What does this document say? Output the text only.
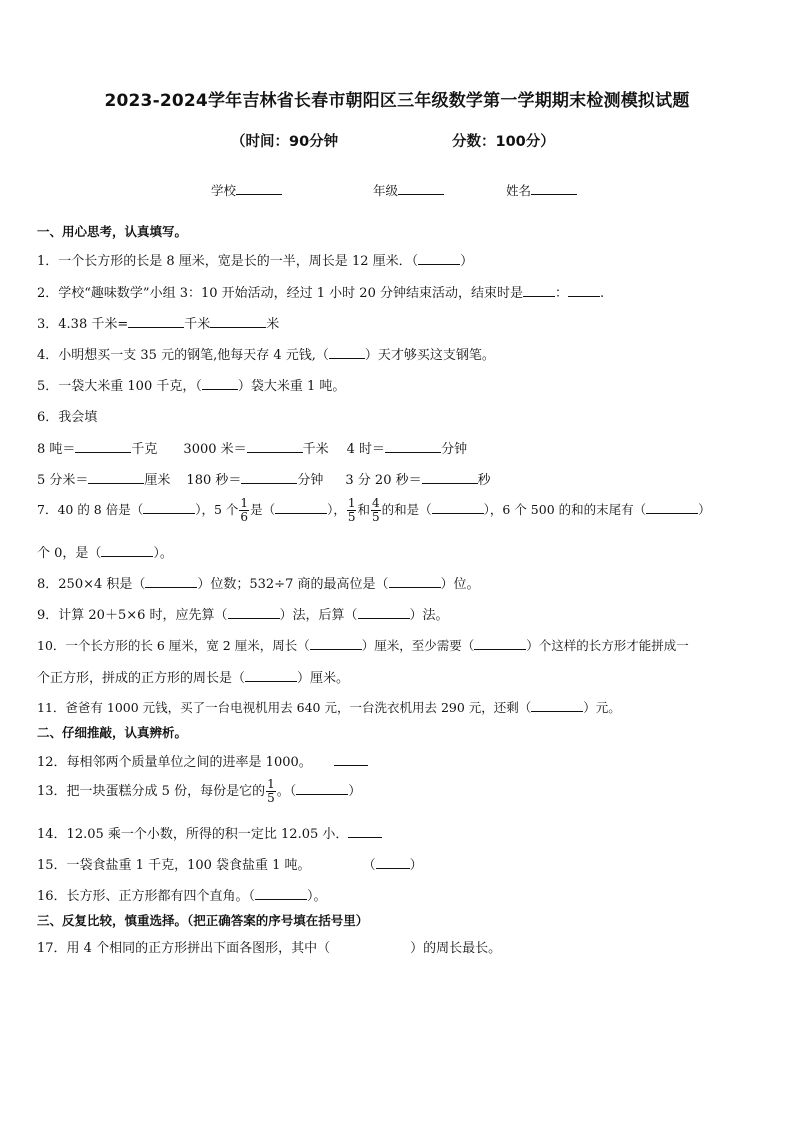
2023-2024学年吉林省长春市朝阳区三年级数学第一学期期末检测模拟试题
（时间：90分钟	分数：100分）
学校	年级	姓名
一、用心思考，认真填写。
1．一个长方形的长是 8 厘米，宽是长的一半，周长是 12 厘米．（	）
2．学校“趣味数学”小组 3：10 开始活动，经过 1 小时 20 分钟结束活动，结束时是 ： .
3．4.38 千米=	千米	米
4．小明想买一支 35 元的钢笔,他每天存 4 元钱,（	）天才够买这支钢笔。
5．一袋大米重 100 千克，（	）袋大米重 1 吨。
6．我会填
8 吨＝	千克 3000 米＝	千米 4 时＝	分钟
5 分米＝	厘米 180 秒＝	分钟 3 分 20 秒＝	秒
7．40 的 8 倍是（	），5 个 $\frac{1}{6}$ 是（	）， $\frac{1}{5}$ 和 $\frac{4}{5}$ 的和是（	），6 个 500 的和的末尾有（	）
个 0，是（	）。
8．250×4 积是（	）位数；532÷7 商的最高位是（	）位。
9．计算 20＋5×6 时，应先算（	）法，后算（	）法。
10．一个长方形的长 6 厘米，宽 2 厘米，周长（	）厘米，至少需要（	）个这样的长方形才能拼成一
个正方形，拼成的正方形的周长是（	）厘米。
11．爸爸有 1000 元钱，买了一台电视机用去 640 元，一台洗衣机用去 290 元，还剩（	）元。
二、仔细推敲，认真辨析。
12．每相邻两个质量单位之间的进率是 1000。
13．把一块蛋糕分成 5 份，每份是它的 $\frac{1}{5}$ 。（	）
14．12.05 乘一个小数，所得的积一定比 12.05 小．
15．一袋食盐重 1 千克，100 袋食盐重 1 吨。	（	）
16．长方形、正方形都有四个直角。（	）。
三、反复比较，慎重选择。（把正确答案的序号填在括号里）
17．用 4 个相同的正方形拼出下面各图形，其中（	）的周长最长。
